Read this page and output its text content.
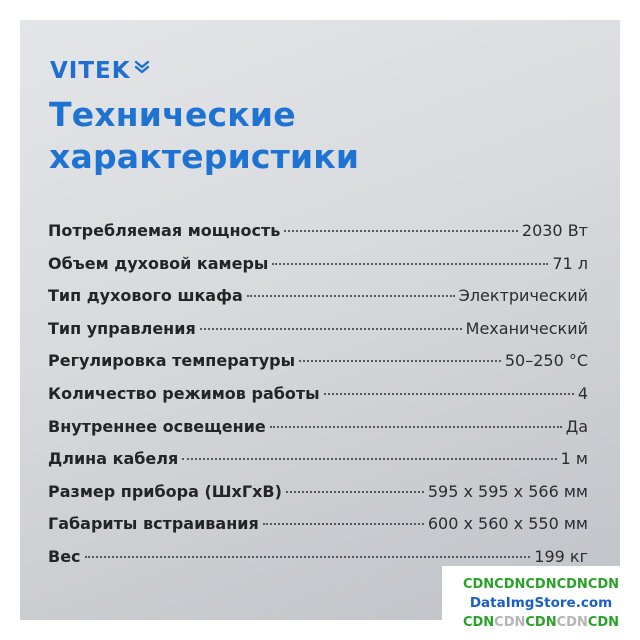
VITEK
Технические
характеристики
Потребляемая мощность	2030 Вт
Объем духовой камеры	71 л
Тип духового шкафа	Электрический
Тип управления	Механический
Регулировка температуры	50–250 °С
Количество режимов работы	4
Внутреннее освещение	Да
Длина кабеля	1 м
Размер прибора (ШхГхВ)	595 х 595 х 566 мм
Габариты встраивания	600 х 560 х 550 мм
Вес	199 кг
CDNCDNCDNCDNCDN
DataImgStore.com
CDNCDNCDNCDNCDN
